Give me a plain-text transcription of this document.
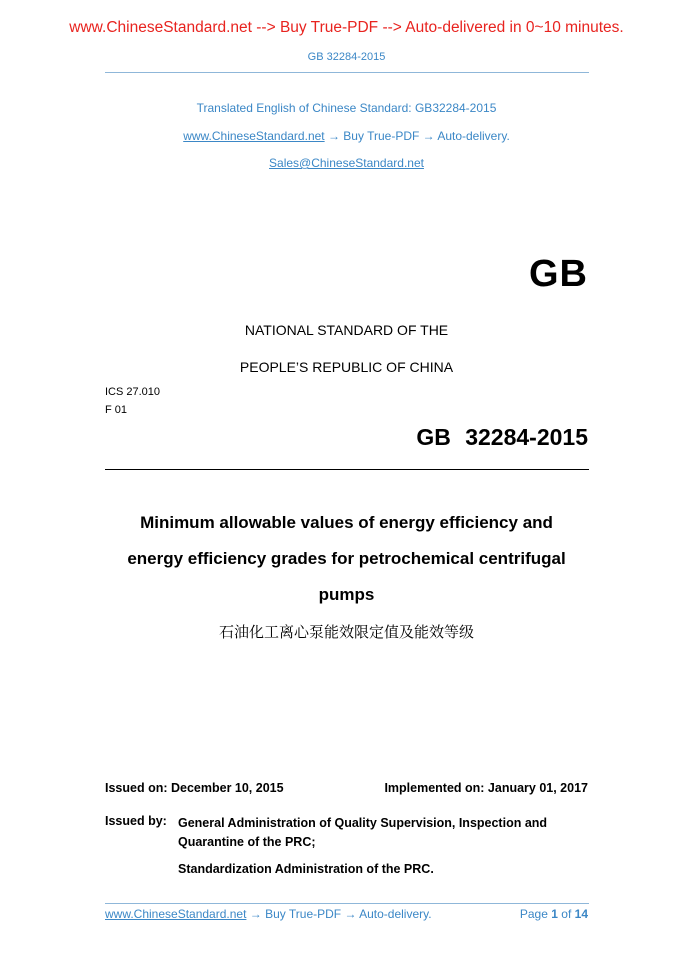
www.ChineseStandard.net --> Buy True-PDF --> Auto-delivered in 0~10 minutes.
GB 32284-2015
Translated English of Chinese Standard: GB32284-2015
www.ChineseStandard.net → Buy True-PDF → Auto-delivery.
Sales@ChineseStandard.net
GB
NATIONAL STANDARD OF THE
PEOPLE’S REPUBLIC OF CHINA
ICS 27.010
F 01
GB 32284-2015
Minimum allowable values of energy efficiency and
energy efficiency grades for petrochemical centrifugal
pumps
石油化工离心泵能效限定值及能效等级
Issued on: December 10, 2015	Implemented on: January 01, 2017
Issued by: General Administration of Quality Supervision, Inspection and Quarantine of the PRC;
Standardization Administration of the PRC.
www.ChineseStandard.net → Buy True-PDF → Auto-delivery.	Page 1 of 14
